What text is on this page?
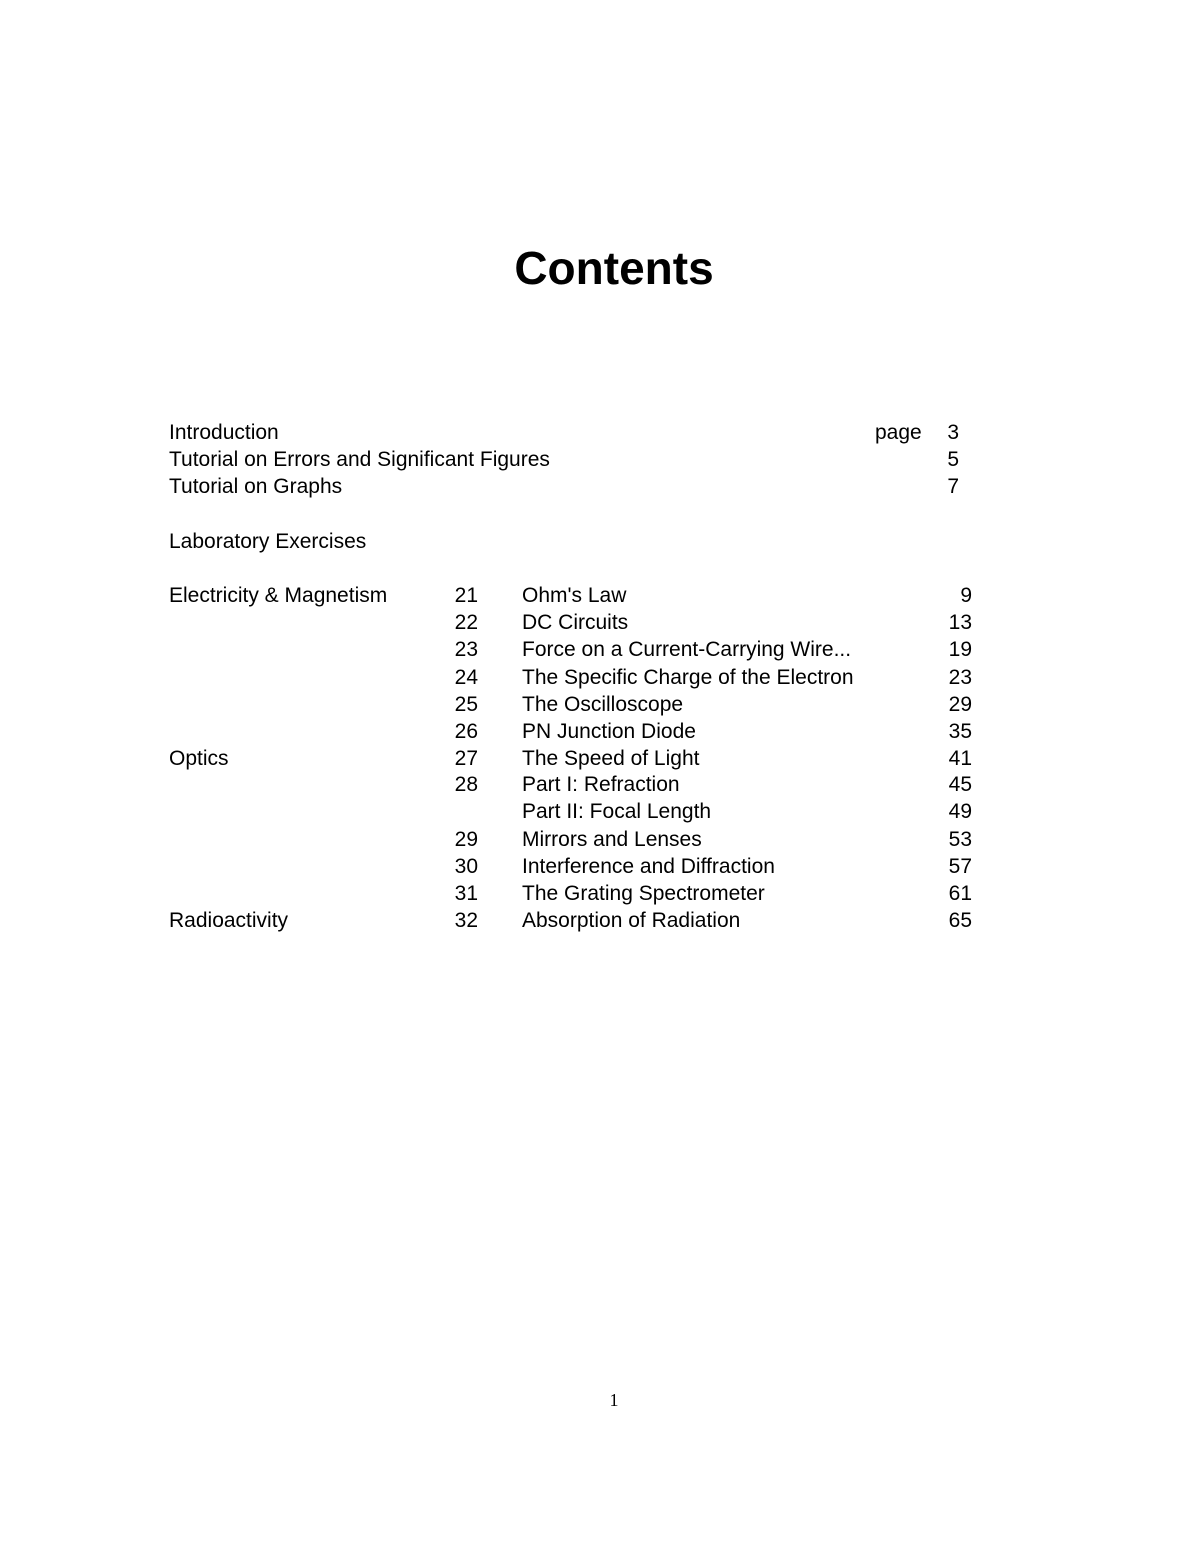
Contents
Introduction	page	3
Tutorial on Errors and Significant Figures	5
Tutorial on Graphs	7
Laboratory Exercises
Electricity & Magnetism	21 Ohm's Law	9
22 DC Circuits	13
23 Force on a Current-Carrying Wire...	19
24 The Specific Charge of the Electron	23
25 The Oscilloscope	29
26 PN Junction Diode	35
Optics	27 The Speed of Light	41
28 Part I: Refraction	45
Part II: Focal Length	49
29 Mirrors and Lenses	53
30 Interference and Diffraction	57
31 The Grating Spectrometer	61
Radioactivity	32 Absorption of Radiation	65
1
